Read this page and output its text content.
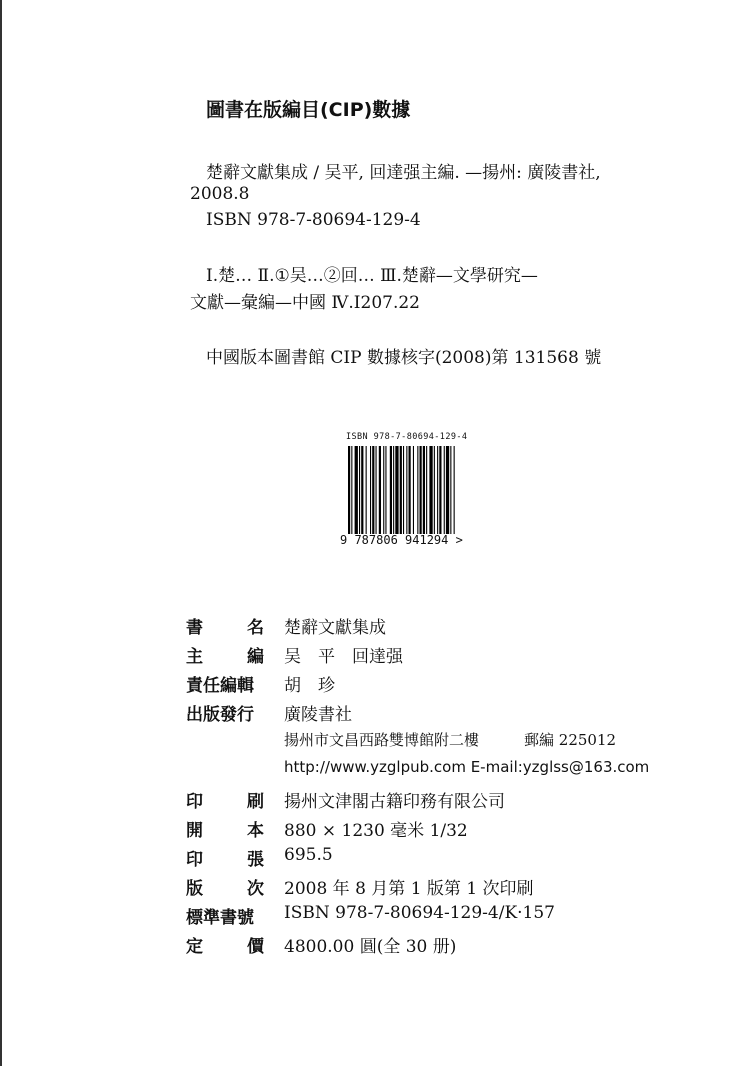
圖書在版編目(CIP)數據
楚辭文獻集成 / 吴平, 回達强主編. —揚州: 廣陵書社,
2008.8
ISBN 978-7-80694-129-4
Ⅰ.楚… Ⅱ.①吴…②回… Ⅲ.楚辭—文學研究—
文獻—彙編—中國 Ⅳ.I207.22
中國版本圖書館 CIP 數據核字(2008)第 131568 號
ISBN 978-7-80694-129-4
9 787806 941294 >
書	名 楚辭文獻集成
主	編 吴　平　回達强
責任編輯 胡　珍
出版發行 廣陵書社
揚州市文昌西路雙博館附二樓　　　郵編 225012
http://www.yzglpub.com E-mail:yzglss@163.com
印	刷 揚州文津閣古籍印務有限公司
開	本 880 × 1230 毫米 1/32
印	張 695.5
版	次 2008 年 8 月第 1 版第 1 次印刷
標準書號 ISBN 978-7-80694-129-4/K·157
定	價 4800.00 圓(全 30 册)
